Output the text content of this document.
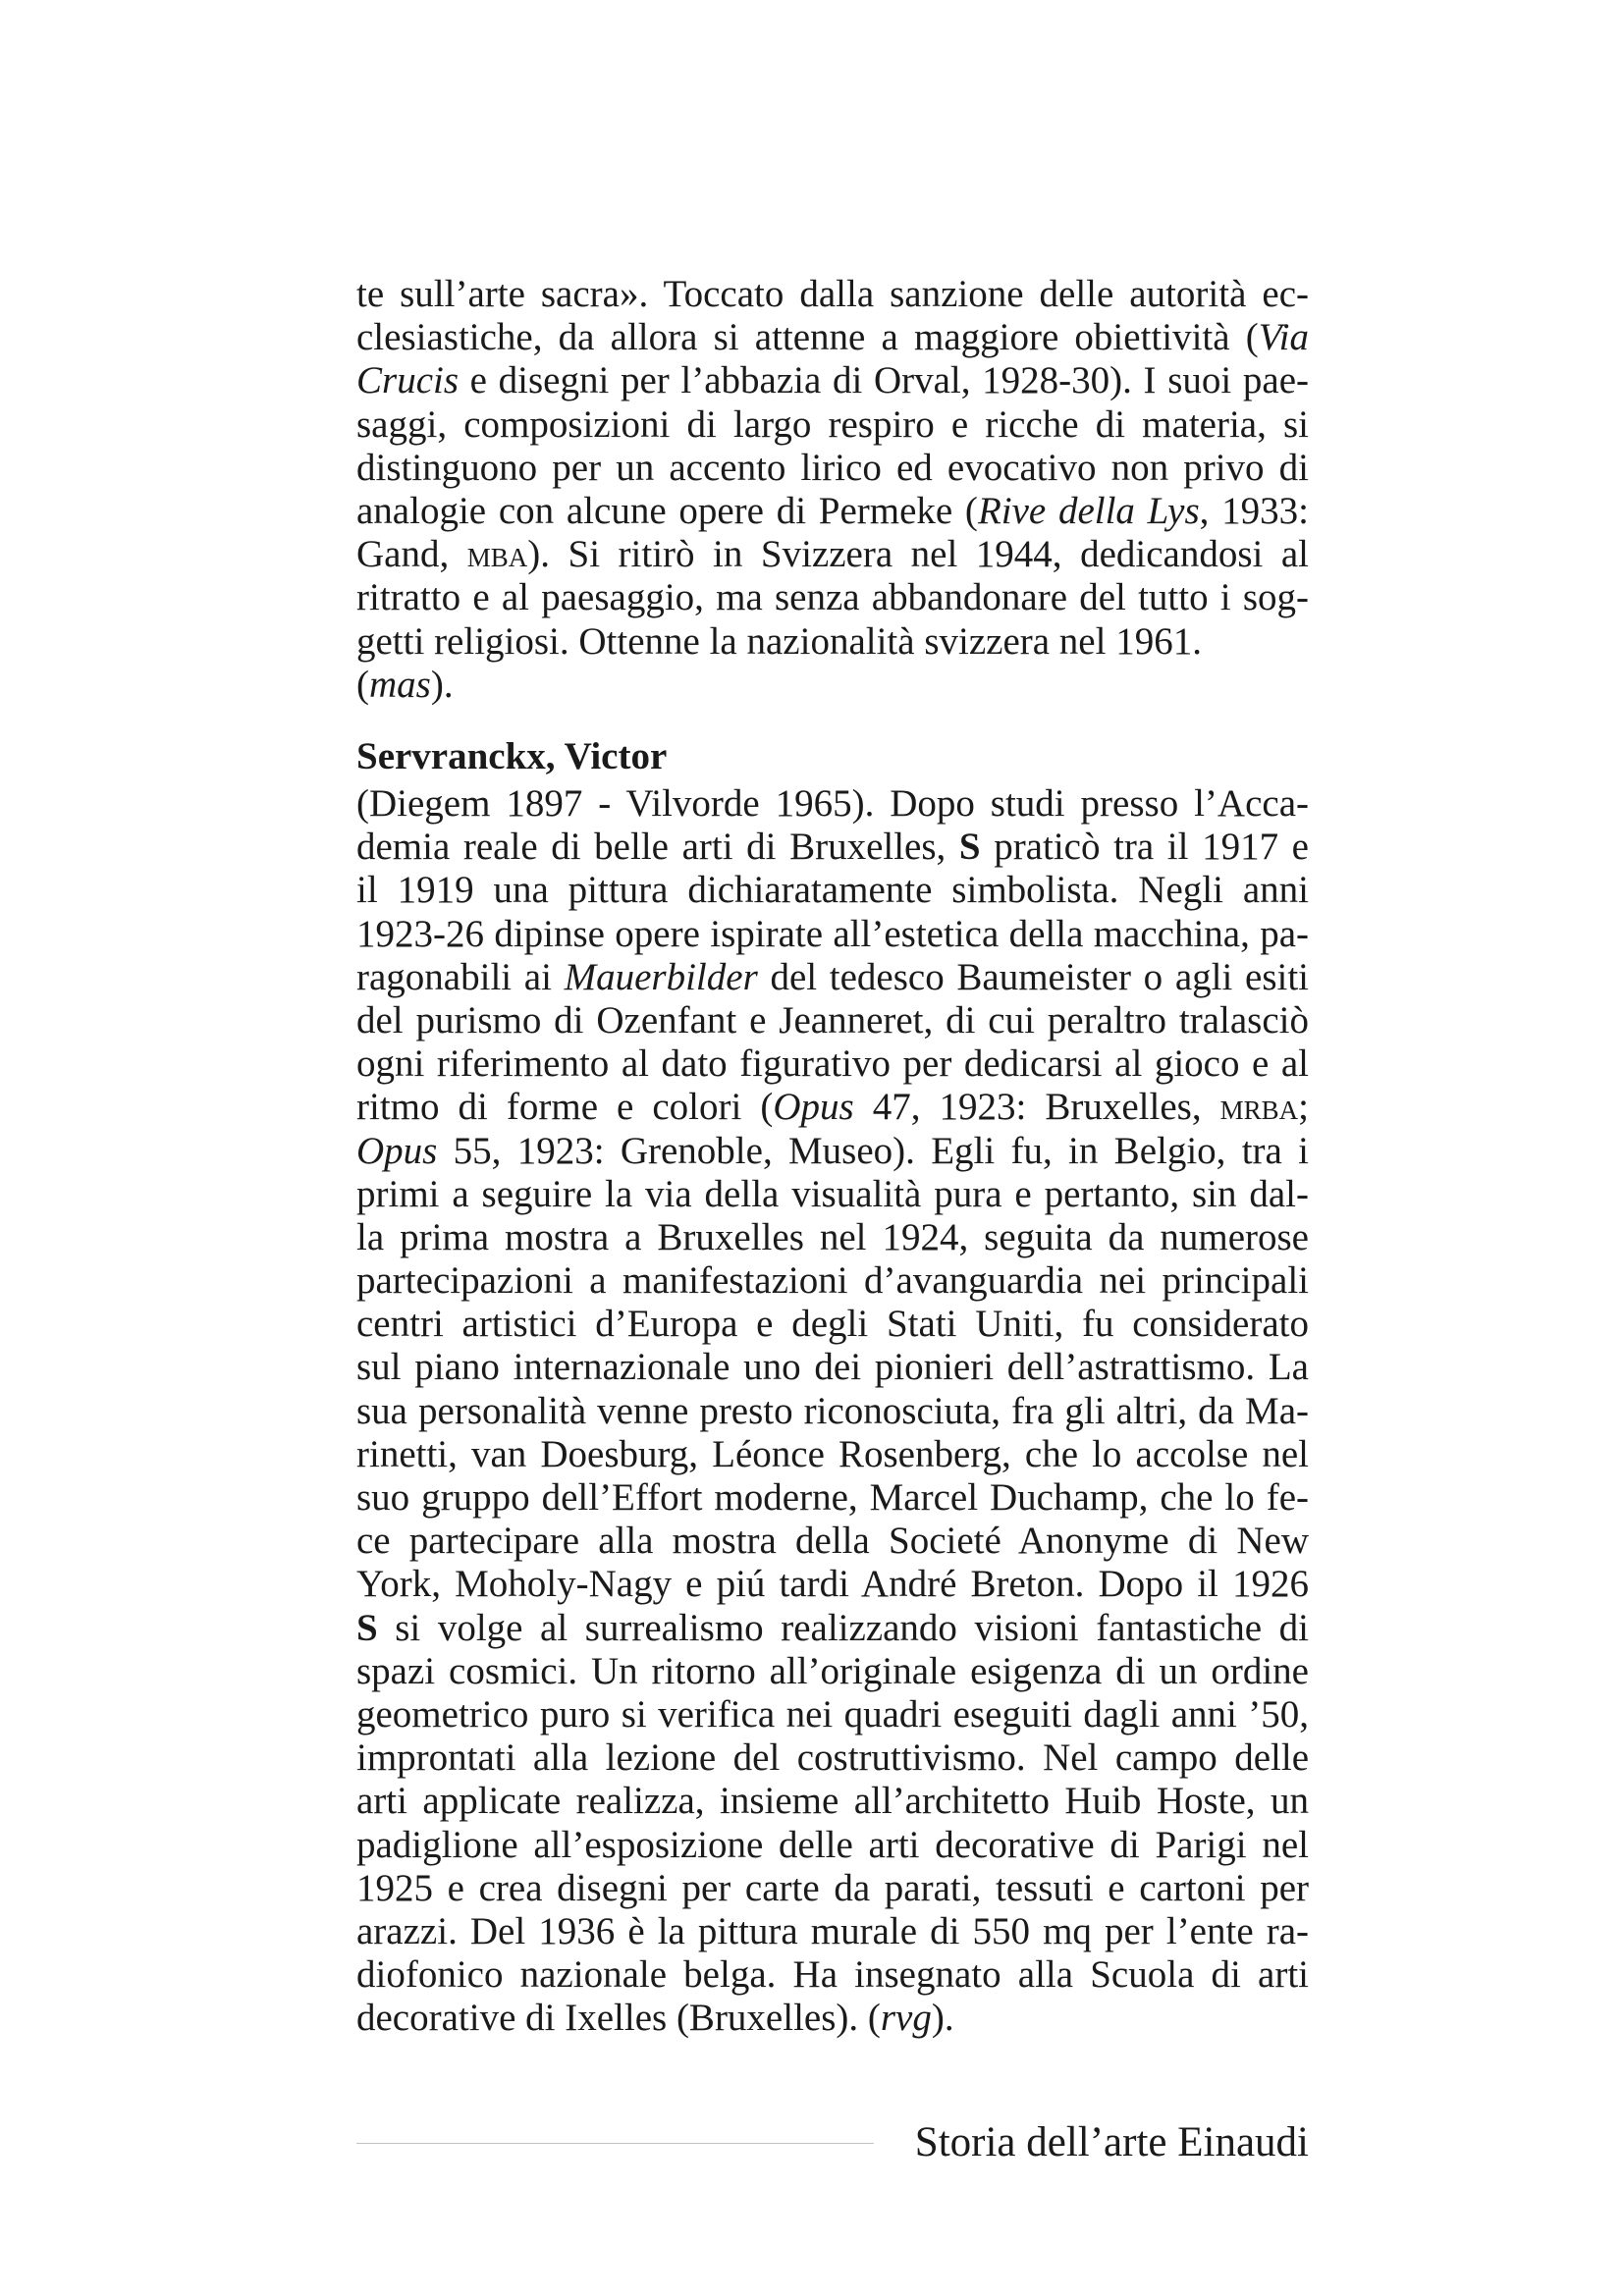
te sull’arte sacra». Toccato dalla sanzione delle autorità ec-
clesiastiche, da allora si attenne a maggiore obiettività (Via
Crucis e disegni per l’abbazia di Orval, 1928-30). I suoi pae-
saggi, composizioni di largo respiro e ricche di materia, si
distinguono per un accento lirico ed evocativo non privo di
analogie con alcune opere di Permeke (Rive della Lys, 1933:
Gand, mba). Si ritirò in Svizzera nel 1944, dedicandosi al
ritratto e al paesaggio, ma senza abbandonare del tutto i sog-
getti religiosi. Ottenne la nazionalità svizzera nel 1961.
(mas).
Servranckx, Victor
(Diegem 1897 - Vilvorde 1965). Dopo studi presso l’Acca-
demia reale di belle arti di Bruxelles, S praticò tra il 1917 e
il 1919 una pittura dichiaratamente simbolista. Negli anni
1923-26 dipinse opere ispirate all’estetica della macchina, pa-
ragonabili ai Mauerbilder del tedesco Baumeister o agli esiti
del purismo di Ozenfant e Jeanneret, di cui peraltro tralasciò
ogni riferimento al dato figurativo per dedicarsi al gioco e al
ritmo di forme e colori (Opus 47, 1923: Bruxelles, mrba;
Opus 55, 1923: Grenoble, Museo). Egli fu, in Belgio, tra i
primi a seguire la via della visualità pura e pertanto, sin dal-
la prima mostra a Bruxelles nel 1924, seguita da numerose
partecipazioni a manifestazioni d’avanguardia nei principali
centri artistici d’Europa e degli Stati Uniti, fu considerato
sul piano internazionale uno dei pionieri dell’astrattismo. La
sua personalità venne presto riconosciuta, fra gli altri, da Ma-
rinetti, van Doesburg, Léonce Rosenberg, che lo accolse nel
suo gruppo dell’Effort moderne, Marcel Duchamp, che lo fe-
ce partecipare alla mostra della Societé Anonyme di New
York, Moholy-Nagy e piú tardi André Breton. Dopo il 1926
S si volge al surrealismo realizzando visioni fantastiche di
spazi cosmici. Un ritorno all’originale esigenza di un ordine
geometrico puro si verifica nei quadri eseguiti dagli anni ’50,
improntati alla lezione del costruttivismo. Nel campo delle
arti applicate realizza, insieme all’architetto Huib Hoste, un
padiglione all’esposizione delle arti decorative di Parigi nel
1925 e crea disegni per carte da parati, tessuti e cartoni per
arazzi. Del 1936 è la pittura murale di 550 mq per l’ente ra-
diofonico nazionale belga. Ha insegnato alla Scuola di arti
decorative di Ixelles (Bruxelles). (rvg).
Storia dell’arte Einaudi
